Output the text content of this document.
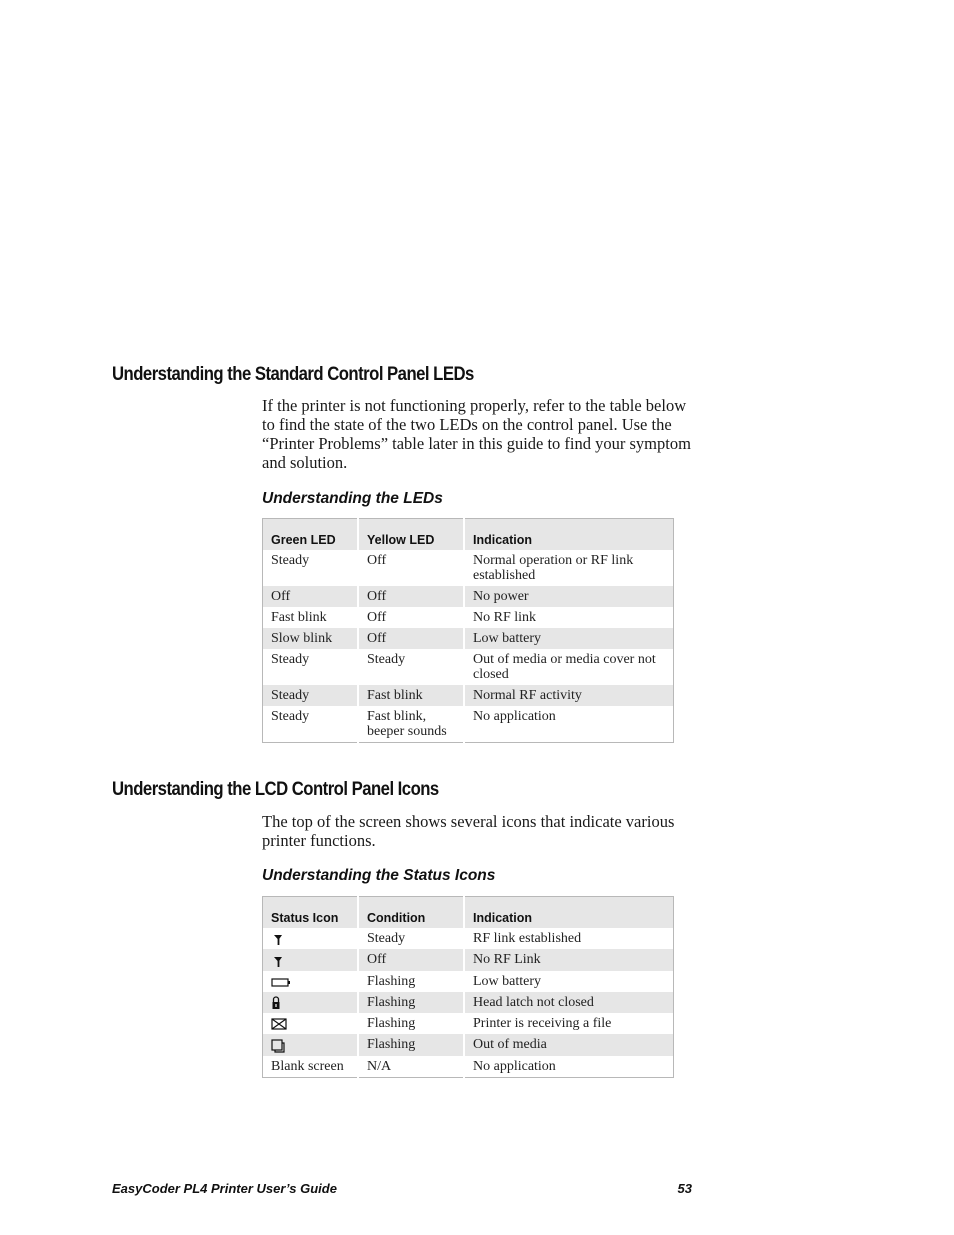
Understanding the Standard Control Panel LEDs

If the printer is not functioning properly, refer to the table below to find the state of the two LEDs on the control panel. Use the “Printer Problems” table later in this guide to find your symptom and solution.

Understanding the LEDs

Green LED	Yellow LED	Indication
Steady	Off	Normal operation or RF link established
Off	Off	No power
Fast blink	Off	No RF link
Slow blink	Off	Low battery
Steady	Steady	Out of media or media cover not closed
Steady	Fast blink	Normal RF activity
Steady	Fast blink, beeper sounds	No application
Understanding the LCD Control Panel Icons

The top of the screen shows several icons that indicate various printer functions.

Understanding the Status Icons

Status Icon	Condition	Indication
	Steady	RF link established
	Off	No RF Link
	Flashing	Low battery
	Flashing	Head latch not closed
	Flashing	Printer is receiving a file
	Flashing	Out of media
Blank screen	N/A	No application

EasyCoder PL4 Printer User’s Guide	53
